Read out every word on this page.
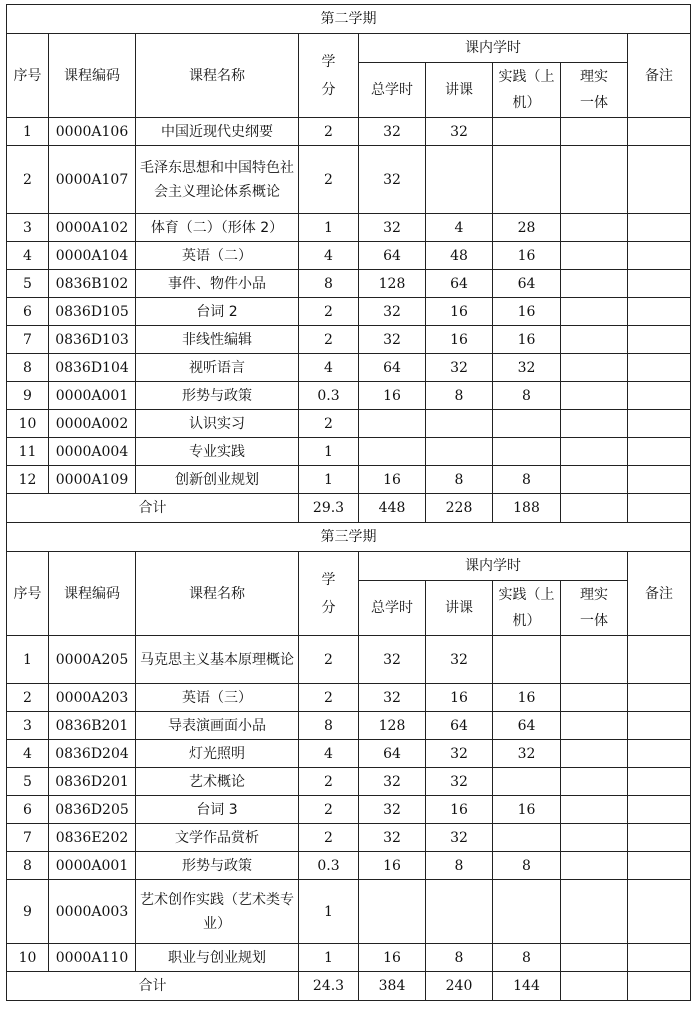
第二学期								
序号	课程编码	课程名称	学分	课内学时				备注
				总学时	讲课	实践（上机）	理实一体	
1	0000A106	中国近现代史纲要	2	32	32			
2	0000A107	毛泽东思想和中国特色社会主义理论体系概论	2	32				
3	0000A102	体育（二）（形体 2）	1	32	4	28		
4	0000A104	英语（二）	4	64	48	16		
5	0836B102	事件、物件小品	8	128	64	64		
6	0836D105	台词 2	2	32	16	16		
7	0836D103	非线性编辑	2	32	16	16		
8	0836D104	视听语言	4	64	32	32		
9	0000A001	形势与政策	0.3	16	8	8		
10	0000A002	认识实习	2					
11	0000A004	专业实践	1					
12	0000A109	创新创业规划	1	16	8	8		
合计			29.3	448	228	188		
第三学期								
序号	课程编码	课程名称	学分	课内学时				备注
				总学时	讲课	实践（上机）	理实一体	
1	0000A205	马克思主义基本原理概论	2	32	32			
2	0000A203	英语（三）	2	32	16	16		
3	0836B201	导表演画面小品	8	128	64	64		
4	0836D204	灯光照明	4	64	32	32		
5	0836D201	艺术概论	2	32	32			
6	0836D205	台词 3	2	32	16	16		
7	0836E202	文学作品赏析	2	32	32			
8	0000A001	形势与政策	0.3	16	8	8		
9	0000A003	艺术创作实践（艺术类专业）	1					
10	0000A110	职业与创业规划	1	16	8	8		
合计			24.3	384	240	144		
